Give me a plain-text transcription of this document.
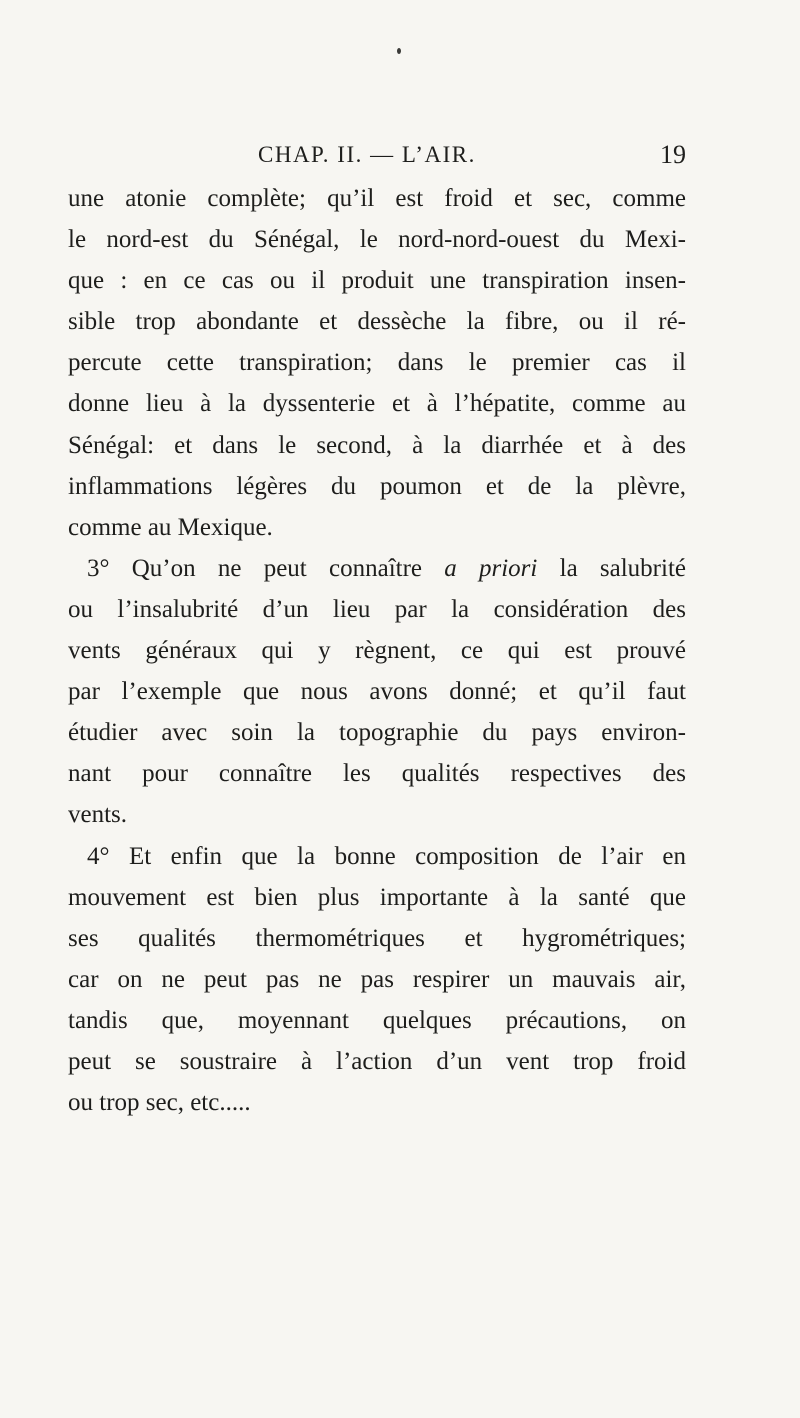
CHAP. II. — L’AIR.	19
une atonie complète; qu’il est froid et sec, comme
le nord-est du Sénégal, le nord-nord-ouest du Mexi-
que : en ce cas ou il produit une transpiration insen-
sible trop abondante et dessèche la fibre, ou il ré-
percute cette transpiration; dans le premier cas il
donne lieu à la dyssenterie et à l’hépatite, comme au
Sénégal: et dans le second, à la diarrhée et à des
inflammations légères du poumon et de la plèvre,
comme au Mexique.
3° Qu’on ne peut connaître a priori la salubrité
ou l’insalubrité d’un lieu par la considération des
vents généraux qui y règnent, ce qui est prouvé
par l’exemple que nous avons donné; et qu’il faut
étudier avec soin la topographie du pays environ-
nant pour connaître les qualités respectives des
vents.
4° Et enfin que la bonne composition de l’air en
mouvement est bien plus importante à la santé que
ses qualités thermométriques et hygrométriques;
car on ne peut pas ne pas respirer un mauvais air,
tandis que, moyennant quelques précautions, on
peut se soustraire à l’action d’un vent trop froid
ou trop sec, etc.....
